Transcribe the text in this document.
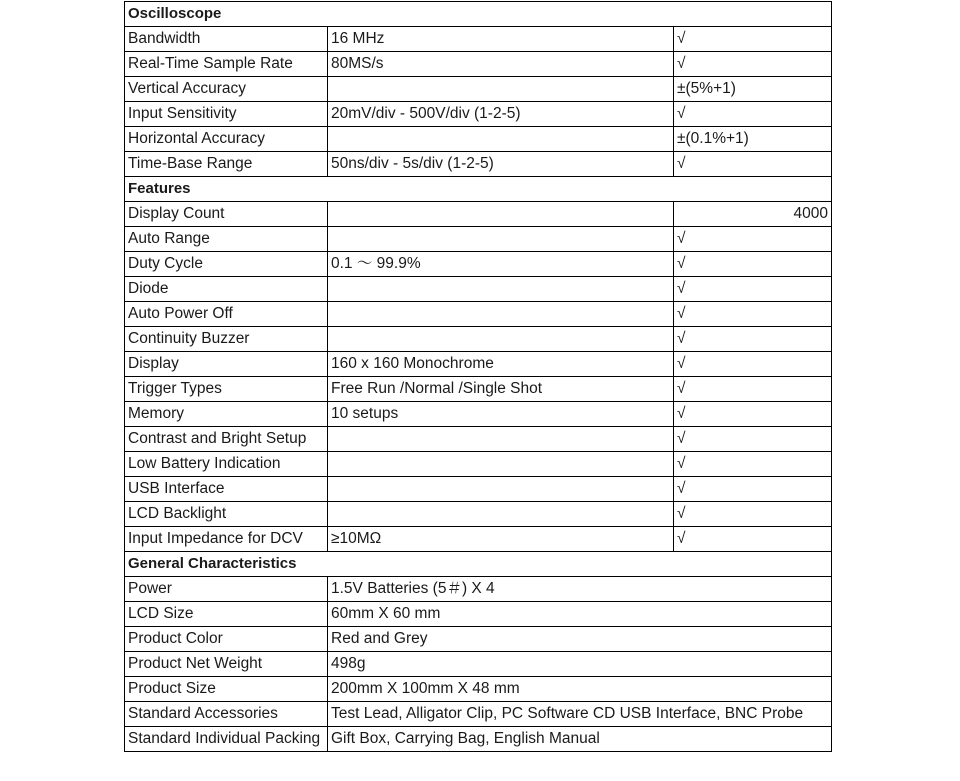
Oscilloscope		
Bandwidth	16 MHz	√
Real-Time Sample Rate	80MS/s	√
Vertical Accuracy		±(5%+1)
Input Sensitivity	20mV/div - 500V/div (1-2-5)	√
Horizontal Accuracy		±(0.1%+1)
Time-Base Range	50ns/div - 5s/div (1-2-5)	√
Features		
Display Count		4000
Auto Range		√
Duty Cycle	0.1 ～ 99.9%	√
Diode		√
Auto Power Off		√
Continuity Buzzer		√
Display	160 x 160 Monochrome	√
Trigger Types	Free Run /Normal /Single Shot	√
Memory	10 setups	√
Contrast and Bright Setup		√
Low Battery Indication		√
USB Interface		√
LCD Backlight		√
Input Impedance for DCV	≥10MΩ	√
General Characteristics		
Power	1.5V Batteries (5＃) X 4	
LCD Size	60mm X 60 mm	
Product Color	Red and Grey	
Product Net Weight	498g	
Product Size	200mm X 100mm X 48 mm	
Standard Accessories	Test Lead, Alligator Clip, PC Software CD USB Interface, BNC Probe	
Standard Individual Packing	Gift Box, Carrying Bag, English Manual	
